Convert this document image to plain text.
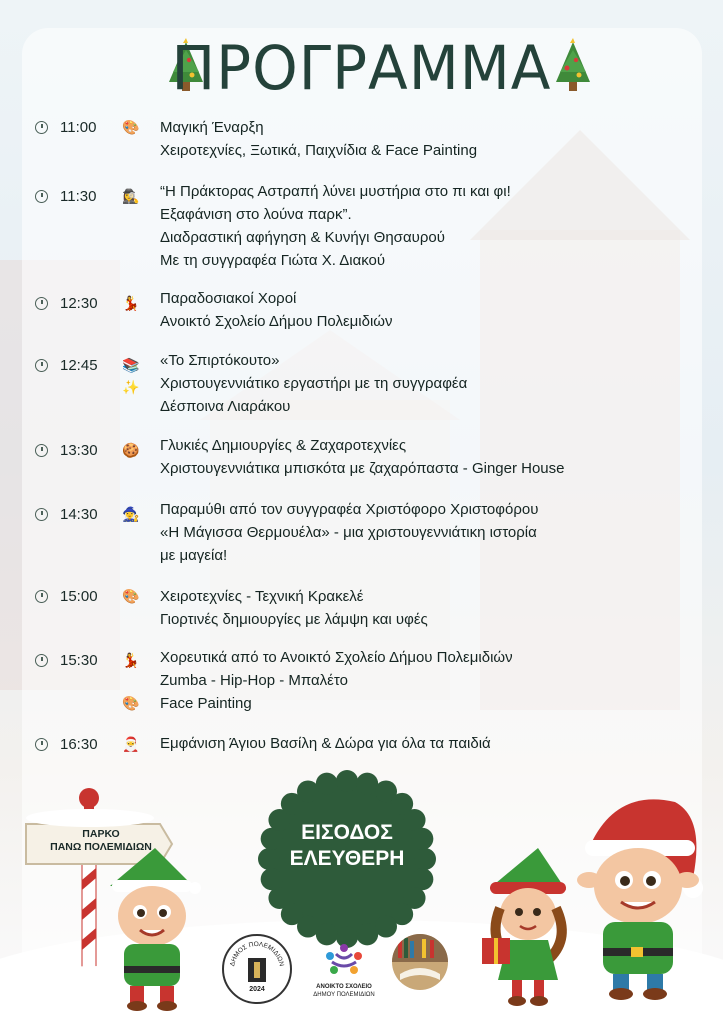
ΠΡΟΓΡΑΜΜΑ
11:00 🎨 Μαγική Έναρξη
Χειροτεχνίες, Ξωτικά, Παιχνίδια & Face Painting
11:30 🕵️‍♀️ “Η Πράκτορας Αστραπή λύνει μυστήρια στο πι και φι!
Εξαφάνιση στο λούνα παρκ”.
Διαδραστική αφήγηση & Κυνήγι Θησαυρού
Με τη συγγραφέα Γιώτα Χ. Διακού
12:30 💃 Παραδοσιακοί Χοροί
Ανοικτό Σχολείο Δήμου Πολεμιδιών
12:45 📚
✨
«Το Σπιρτόκουτο»
Χριστουγεννιάτικο εργαστήρι με τη συγγραφέα
Δέσποινα Λιαράκου
13:30 🍪 Γλυκιές Δημιουργίες & Ζαχαροτεχνίες
Χριστουγεννιάτικα μπισκότα με ζαχαρόπαστα - Ginger House
14:30 🧙‍♀️ Παραμύθι από τον συγγραφέα Χριστόφορο Χριστοφόρου
«Η Μάγισσα Θερμουέλα» - μια χριστουγεννιάτικη ιστορία
με μαγεία!
15:00 🎨 Χειροτεχνίες - Τεχνική Κρακελέ
Γιορτινές δημιουργίες με λάμψη και υφές
15:30 💃
🎨
Χορευτικά από το Ανοικτό Σχολείο Δήμου Πολεμιδιών
Zumba - Hip-Hop - Μπαλέτο
Face Painting
16:30 🎅 Εμφάνιση Άγιου Βασίλη & Δώρα για όλα τα παιδιά
ΕΙΣΟΔΟΣ
ΕΛΕΥΘΕΡΗ
ΠΑΡΚΟ
ΠΑΝΩ ΠΟΛΕΜΙΔΙΩΝ
ΔΗΜΟΣ ΠΟΛΕΜΙΔΙΩΝ
2024	ΑΝΟΙΚΤΟ ΣΧΟΛΕΙΟ
ΔΗΜΟΥ ΠΟΛΕΜΙΔΙΩΝ
